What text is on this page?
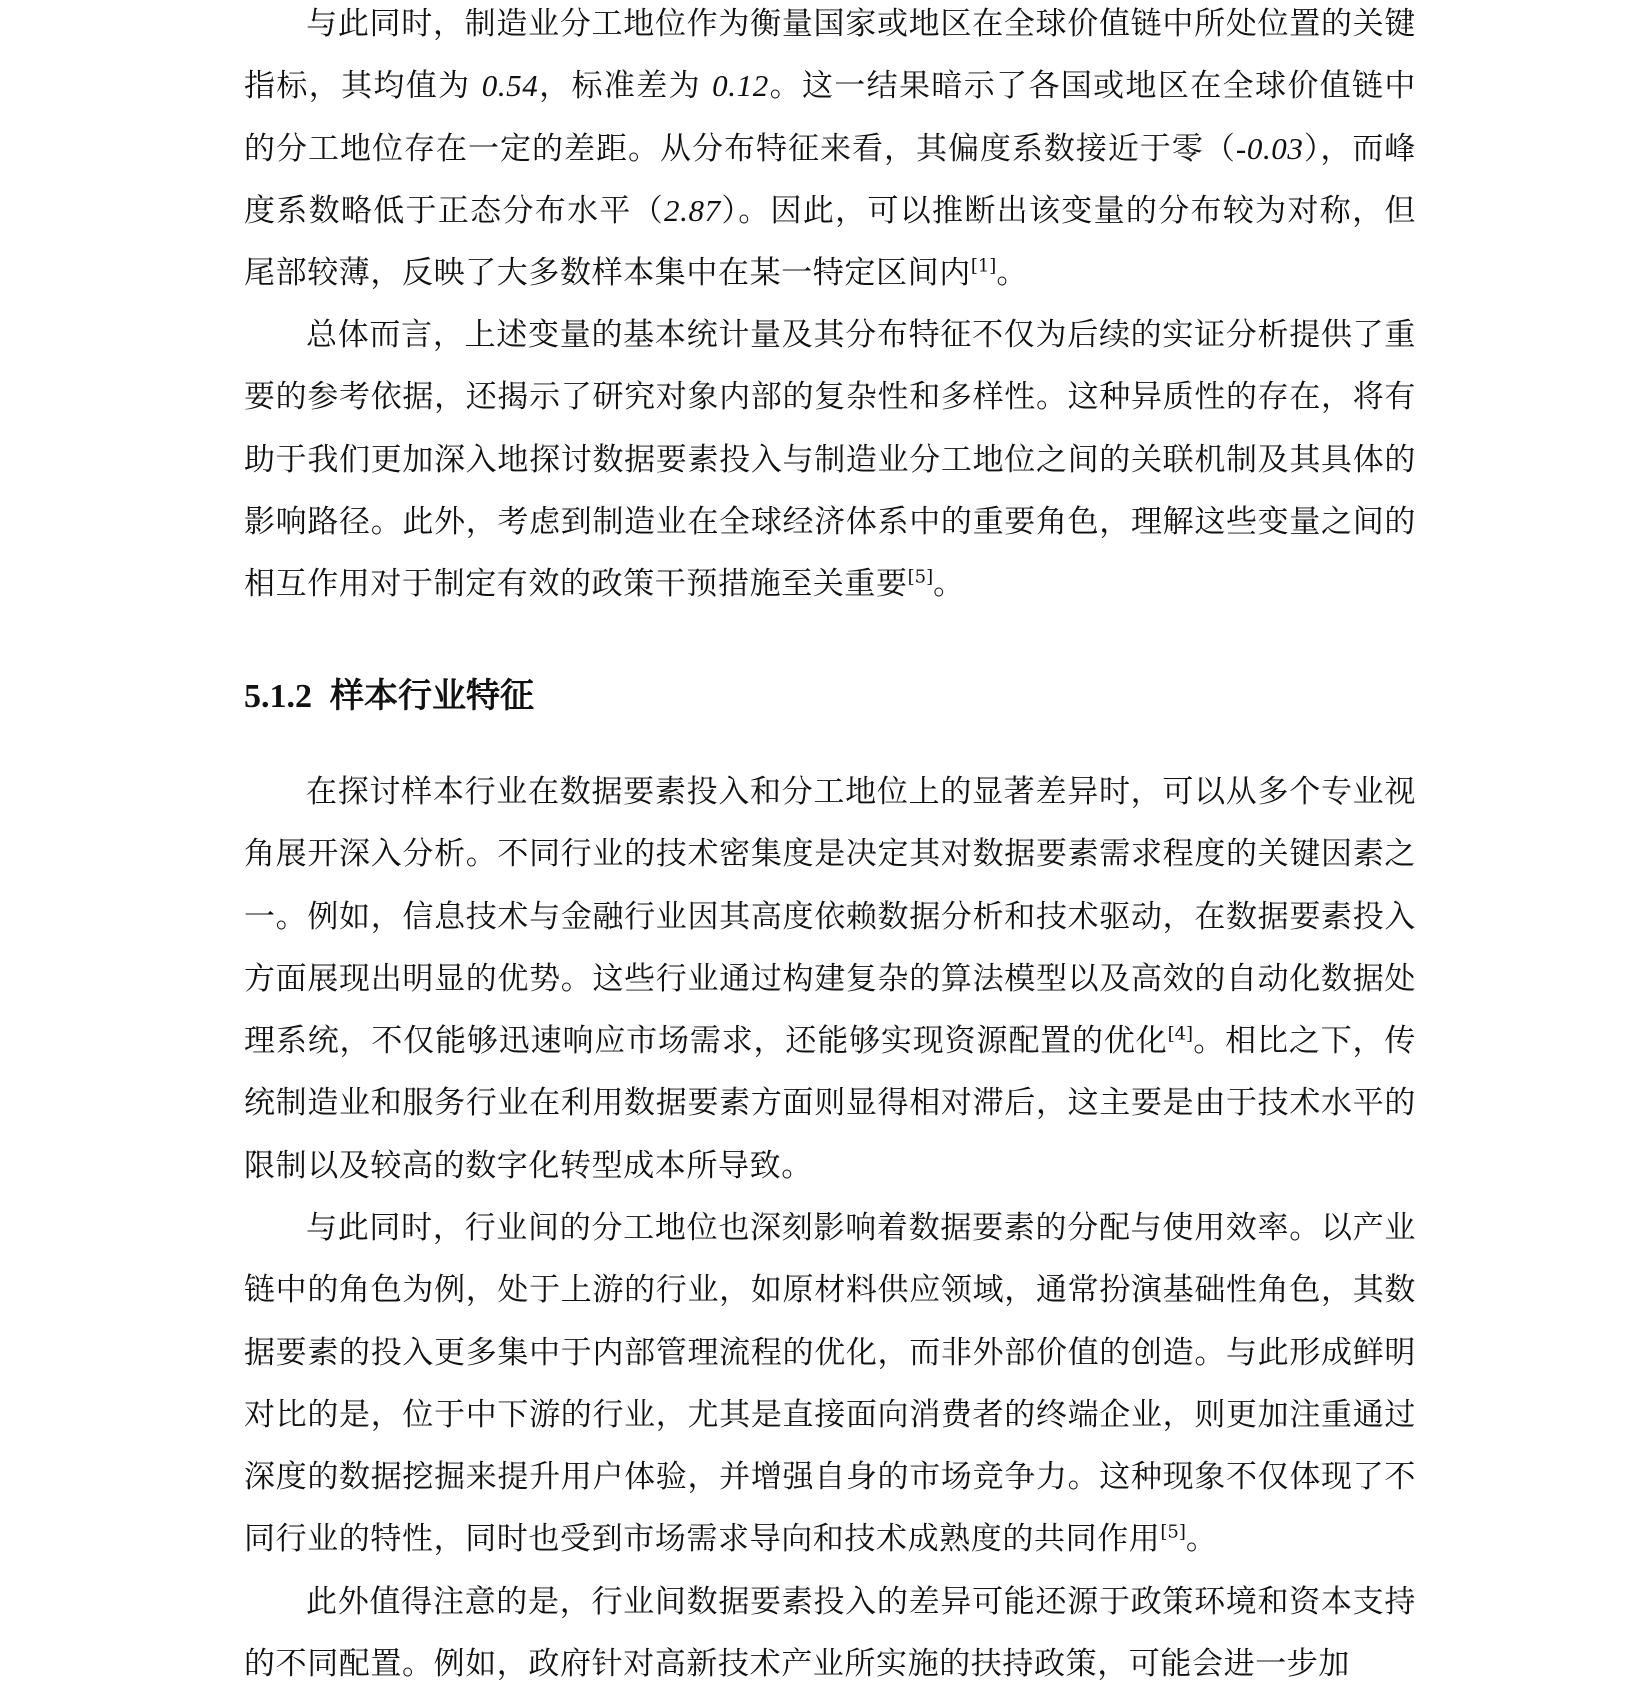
与此同时，制造业分工地位作为衡量国家或地区在全球价值链中所处位置的关键指标，其均值为 0.54，标准差为 0.12。这一结果暗示了各国或地区在全球价值链中的分工地位存在一定的差距。从分布特征来看，其偏度系数接近于零（-0.03），而峰度系数略低于正态分布水平（2.87）。因此，可以推断出该变量的分布较为对称，但尾部较薄，反映了大多数样本集中在某一特定区间内[1]。

总体而言，上述变量的基本统计量及其分布特征不仅为后续的实证分析提供了重要的参考依据，还揭示了研究对象内部的复杂性和多样性。这种异质性的存在，将有助于我们更加深入地探讨数据要素投入与制造业分工地位之间的关联机制及其具体的影响路径。此外，考虑到制造业在全球经济体系中的重要角色，理解这些变量之间的相互作用对于制定有效的政策干预措施至关重要[5]。

5.1.2 样本行业特征

在探讨样本行业在数据要素投入和分工地位上的显著差异时，可以从多个专业视角展开深入分析。不同行业的技术密集度是决定其对数据要素需求程度的关键因素之一。例如，信息技术与金融行业因其高度依赖数据分析和技术驱动，在数据要素投入方面展现出明显的优势。这些行业通过构建复杂的算法模型以及高效的自动化数据处理系统，不仅能够迅速响应市场需求，还能够实现资源配置的优化[4]。相比之下，传统制造业和服务行业在利用数据要素方面则显得相对滞后，这主要是由于技术水平的限制以及较高的数字化转型成本所导致。

与此同时，行业间的分工地位也深刻影响着数据要素的分配与使用效率。以产业链中的角色为例，处于上游的行业，如原材料供应领域，通常扮演基础性角色，其数据要素的投入更多集中于内部管理流程的优化，而非外部价值的创造。与此形成鲜明对比的是，位于中下游的行业，尤其是直接面向消费者的终端企业，则更加注重通过深度的数据挖掘来提升用户体验，并增强自身的市场竞争力。这种现象不仅体现了不同行业的特性，同时也受到市场需求导向和技术成熟度的共同作用[5]。

此外值得注意的是，行业间数据要素投入的差异可能还源于政策环境和资本支持的不同配置。例如，政府针对高新技术产业所实施的扶持政策，可能会进一步加
